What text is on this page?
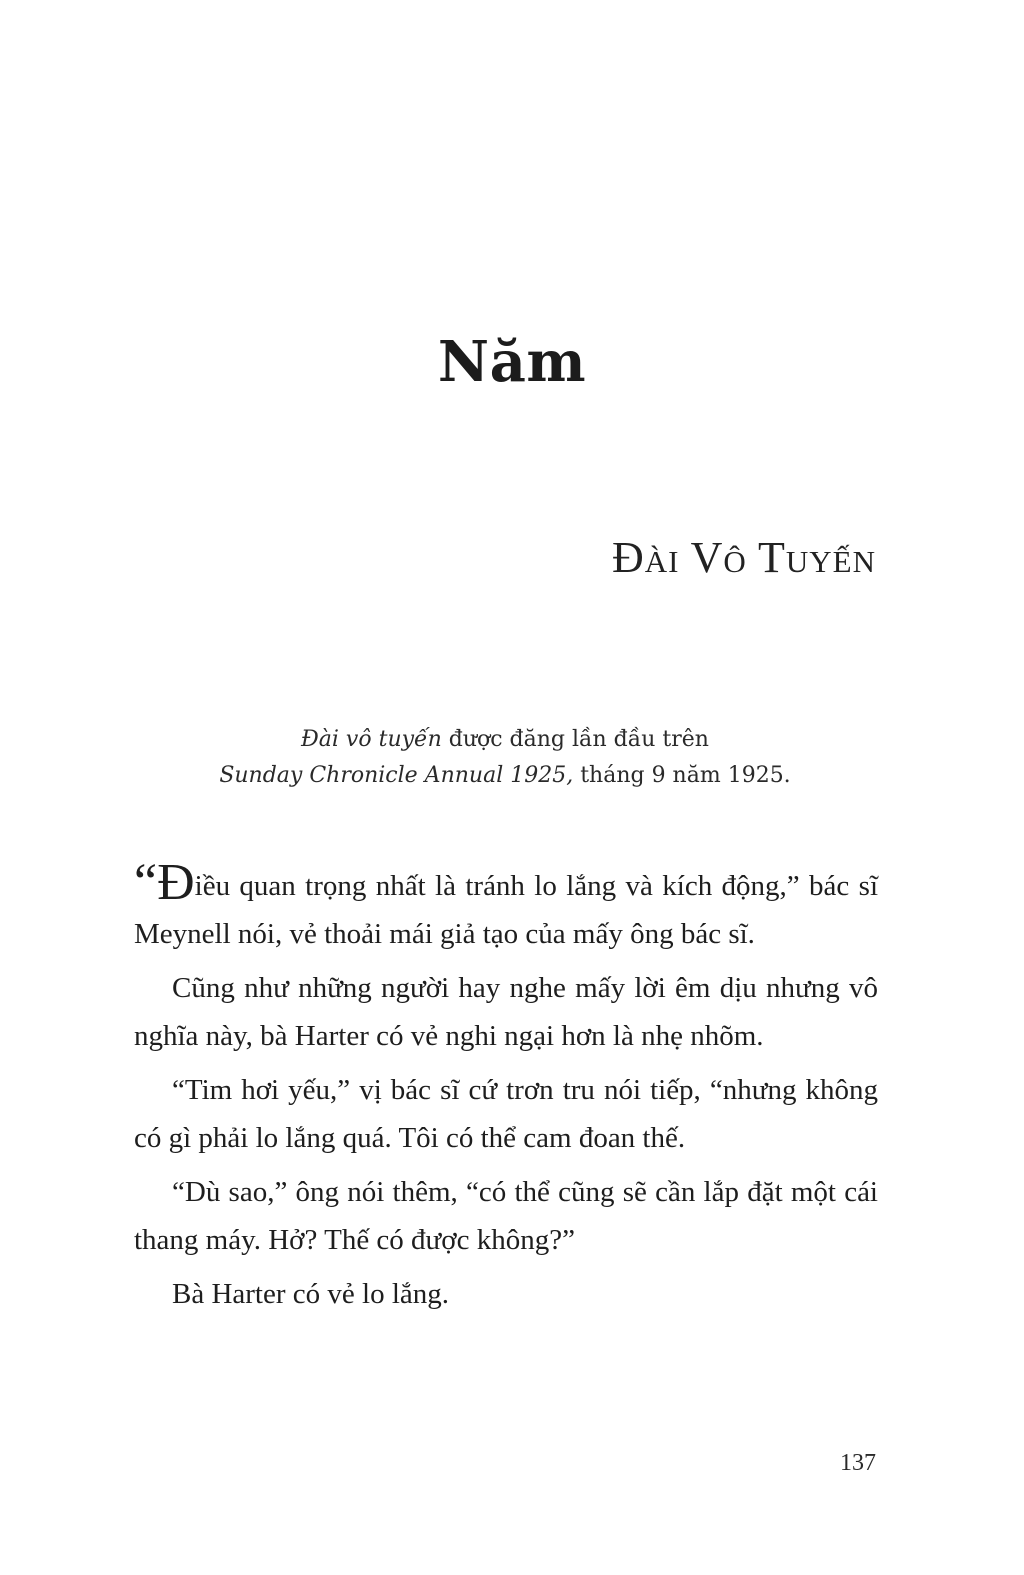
Năm
Đài Vô Tuyến
Đài vô tuyến được đăng lần đầu trên
Sunday Chronicle Annual 1925, tháng 9 năm 1925.

“Điều quan trọng nhất là tránh lo lắng và kích động,” bác sĩ Meynell nói, vẻ thoải mái giả tạo của mấy ông bác sĩ.

Cũng như những người hay nghe mấy lời êm dịu nhưng vô nghĩa này, bà Harter có vẻ nghi ngại hơn là nhẹ nhõm.

“Tim hơi yếu,” vị bác sĩ cứ trơn tru nói tiếp, “nhưng không có gì phải lo lắng quá. Tôi có thể cam đoan thế.

“Dù sao,” ông nói thêm, “có thể cũng sẽ cần lắp đặt một cái thang máy. Hở? Thế có được không?”

Bà Harter có vẻ lo lắng.

137
